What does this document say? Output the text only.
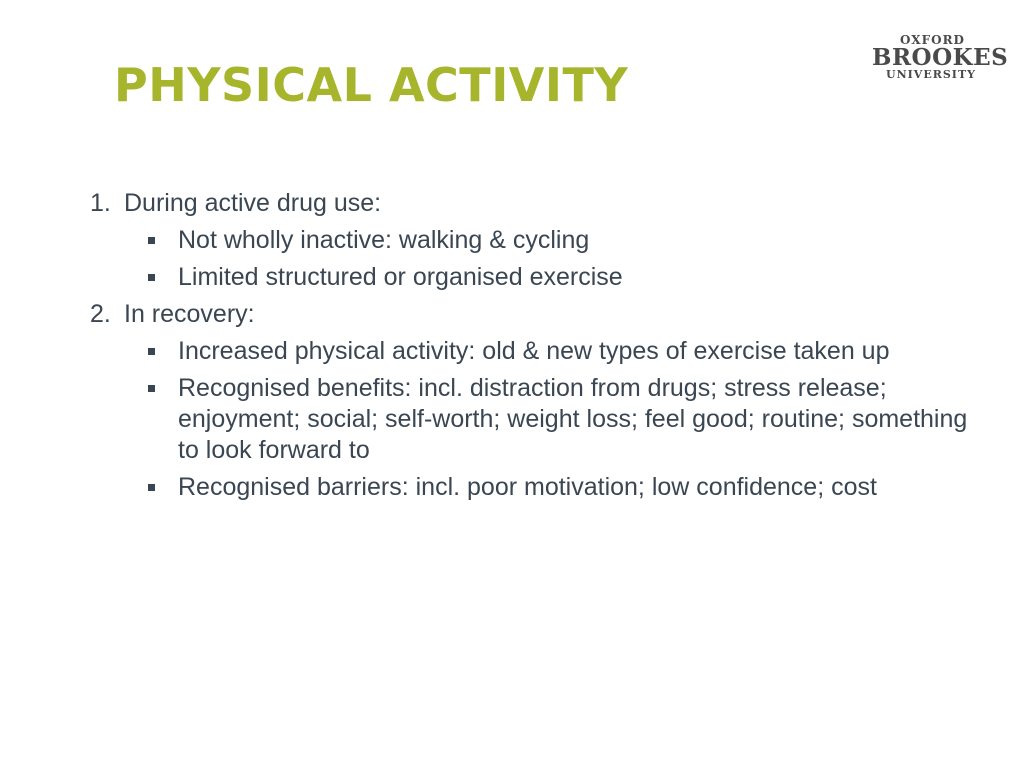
PHYSICAL ACTIVITY
OXFORD
BROOKES
UNIVERSITY
1. During active drug use:
Not wholly inactive: walking & cycling
Limited structured or organised exercise
2. In recovery:
Increased physical activity: old & new types of exercise taken up
Recognised benefits: incl. distraction from drugs; stress release; enjoyment; social; self-worth; weight loss; feel good; routine; something to look forward to
Recognised barriers: incl. poor motivation; low confidence; cost
